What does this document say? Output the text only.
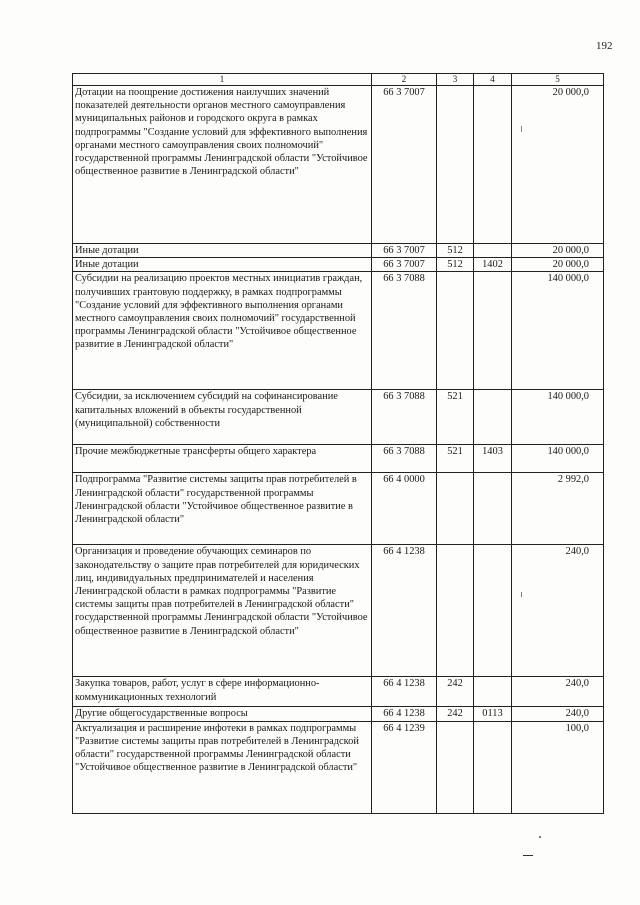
192
1	2	3	4	5
Дотации на поощрение достижения наилучших значений показателей деятельности органов местного самоуправления муниципальных районов и городского округа в рамках подпрограммы "Создание условий для эффективного выполнения органами местного самоуправления своих полномочий" государственной программы Ленинградской области "Устойчивое общественное развитие в Ленинградской области"	66 3 7007			20 000,0
Иные дотации	66 3 7007	512		20 000,0
Иные дотации	66 3 7007	512	1402	20 000,0
Субсидии на реализацию проектов местных инициатив граждан, получивших грантовую поддержку, в рамках подпрограммы "Создание условий для эффективного выполнения органами местного самоуправления своих полномочий" государственной программы Ленинградской области "Устойчивое общественное развитие в Ленинградской области"	66 3 7088			140 000,0
Субсидии, за исключением субсидий на софинансирование капитальных вложений в объекты государственной (муниципальной) собственности	66 3 7088	521		140 000,0
Прочие межбюджетные трансферты общего характера	66 3 7088	521	1403	140 000,0
Подпрограмма "Развитие системы защиты прав потребителей в Ленинградской области" государственной программы Ленинградской области "Устойчивое общественное развитие в Ленинградской области"	66 4 0000			2 992,0
Организация и проведение обучающих семинаров по законодательству о защите прав потребителей для юридических лиц, индивидуальных предпринимателей и населения Ленинградской области в рамках подпрограммы "Развитие системы защиты прав потребителей в Ленинградской области" государственной программы Ленинградской области "Устойчивое общественное развитие в Ленинградской области"	66 4 1238			240,0
Закупка товаров, работ, услуг в сфере информационно-коммуникационных технологий	66 4 1238	242		240,0
Другие общегосударственные вопросы	66 4 1238	242	0113	240,0
Актуализация и расширение инфотеки в рамках подпрограммы "Развитие системы защиты прав потребителей в Ленинградской области" государственной программы Ленинградской области "Устойчивое общественное развитие в Ленинградской области"	66 4 1239			100,0
